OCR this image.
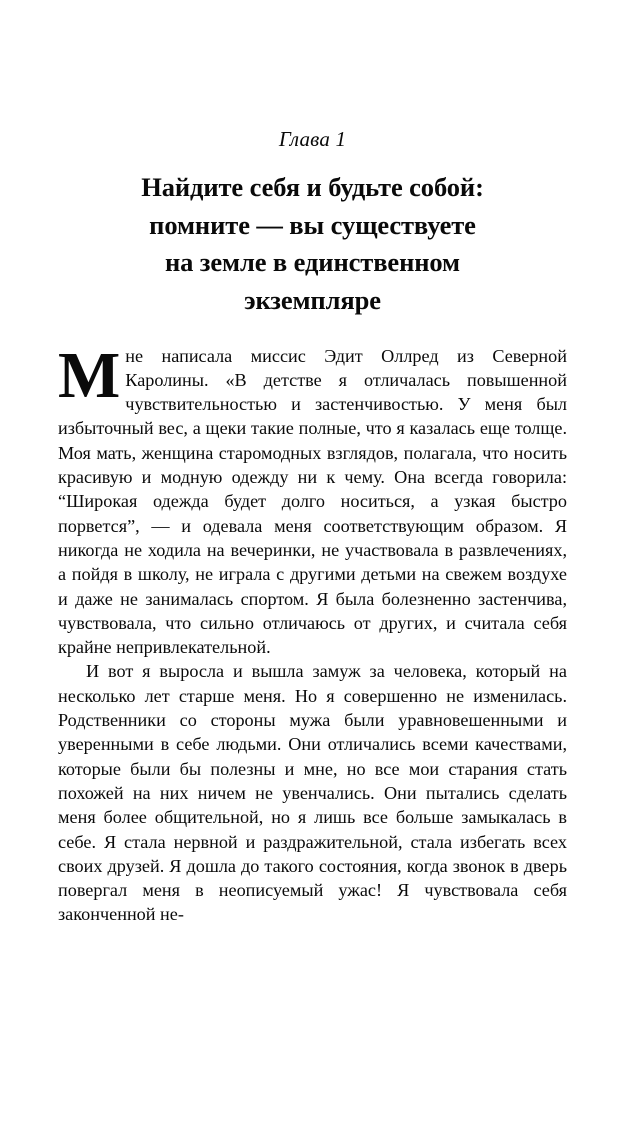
Глава 1
Найдите себя и будьте собой:
помните — вы существуете
на земле в единственном
экземпляре

Мне написала миссис Эдит Оллред из Северной Каролины. «В детстве я отличалась повышенной чувствительностью и застенчивостью. У меня был избыточный вес, а щеки такие полные, что я казалась еще толще. Моя мать, женщина старомодных взглядов, полагала, что носить красивую и модную одежду ни к чему. Она всегда говорила: “Широкая одежда будет долго носиться, а узкая быстро порвется”, — и одевала меня соответствующим образом. Я никогда не ходила на вечеринки, не участвовала в развлечениях, а пойдя в школу, не играла с другими детьми на свежем воздухе и даже не занималась спортом. Я была болезненно застенчива, чувствовала, что сильно отличаюсь от других, и считала себя крайне непривлекательной.

И вот я выросла и вышла замуж за человека, который на несколько лет старше меня. Но я совершенно не изменилась. Родственники со стороны мужа были уравновешенными и уверенными в себе людьми. Они отличались всеми качествами, которые были бы полезны и мне, но все мои старания стать похожей на них ничем не увенчались. Они пытались сделать меня более общительной, но я лишь все больше замыкалась в себе. Я стала нервной и раздражительной, стала избегать всех своих друзей. Я дошла до такого состояния, когда звонок в дверь повергал меня в неописуемый ужас! Я чувствовала себя законченной не-
